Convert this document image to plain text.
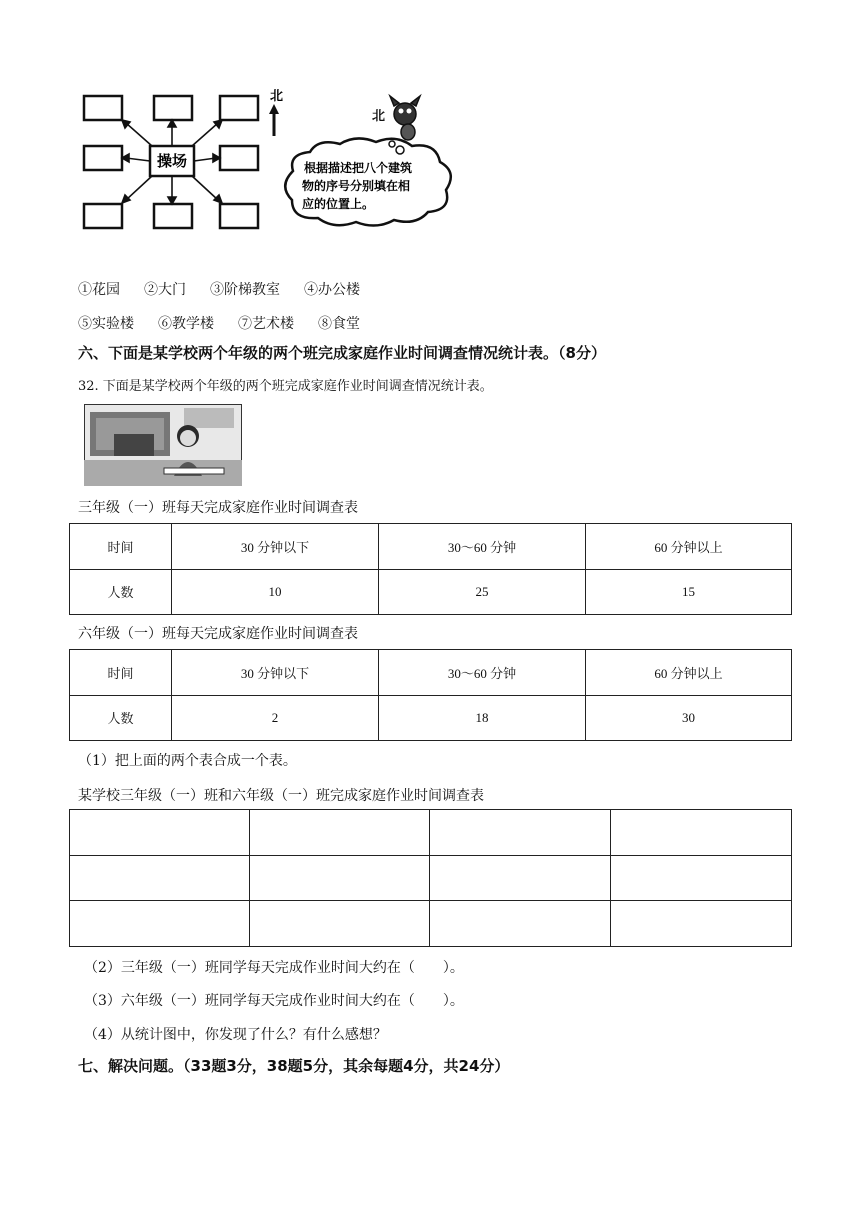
操场
北
北
根据描述把八个建筑
物的序号分别填在相
应的位置上。
①花园 ②大门 ③阶梯教室 ④办公楼
⑤实验楼 ⑥教学楼 ⑦艺术楼 ⑧食堂
六、下面是某学校两个年级的两个班完成家庭作业时间调查情况统计表。（8分）
32. 下面是某学校两个年级的两个班完成家庭作业时间调查情况统计表。
三年级（一）班每天完成家庭作业时间调查表
时间	30 分钟以下	30～60 分钟	60 分钟以上
人数	10	25	15
六年级（一）班每天完成家庭作业时间调查表
时间	30 分钟以下	30～60 分钟	60 分钟以上
人数	2	18	30
（1）把上面的两个表合成一个表。
某学校三年级（一）班和六年级（一）班完成家庭作业时间调查表

（2）三年级（一）班同学每天完成作业时间大约在（　　）。
（3）六年级（一）班同学每天完成作业时间大约在（　　）。
（4）从统计图中，你发现了什么？有什么感想？
七、解决问题。（33题3分，38题5分，其余每题4分，共24分）
